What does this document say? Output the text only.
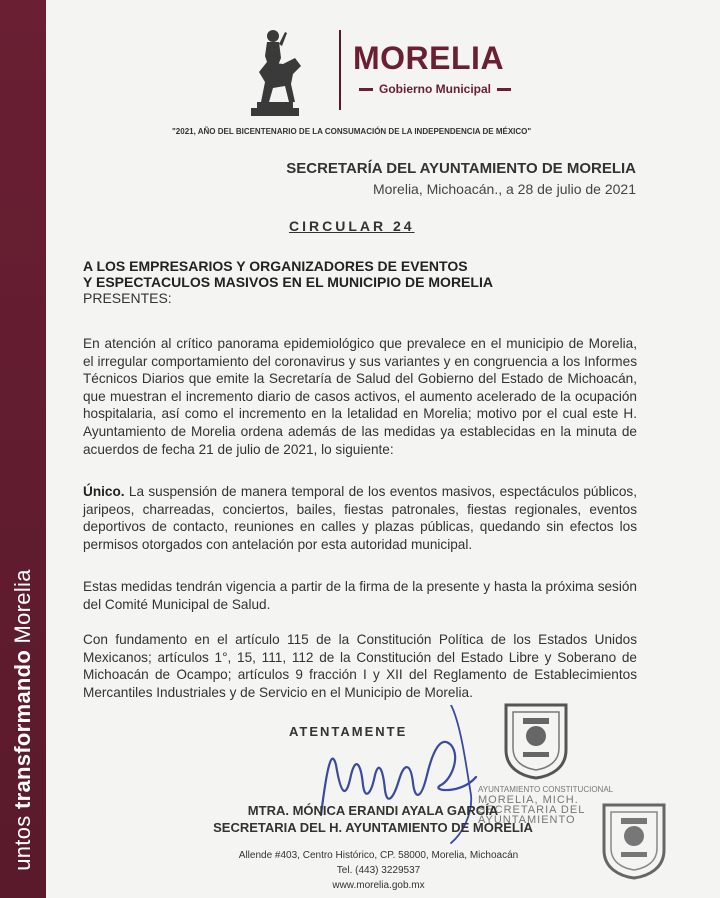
untos transformando Morelia
MORELIA
Gobierno Municipal
"2021, AÑO DEL BICENTENARIO DE LA CONSUMACIÓN DE LA INDEPENDENCIA DE MÉXICO"
SECRETARÍA DEL AYUNTAMIENTO DE MORELIA
Morelia, Michoacán., a 28 de julio de 2021
CIRCULAR 24
A LOS EMPRESARIOS Y ORGANIZADORES DE EVENTOS
Y ESPECTACULOS MASIVOS EN EL MUNICIPIO DE MORELIA
PRESENTES:
En atención al crítico panorama epidemiológico que prevalece en el municipio de Morelia, el irregular comportamiento del coronavirus y sus variantes y en congruencia a los Informes Técnicos Diarios que emite la Secretaría de Salud del Gobierno del Estado de Michoacán, que muestran el incremento diario de casos activos, el aumento acelerado de la ocupación hospitalaria, así como el incremento en la letalidad en Morelia; motivo por el cual este H. Ayuntamiento de Morelia ordena además de las medidas ya establecidas en la minuta de acuerdos de fecha 21 de julio de 2021, lo siguiente:
Único. La suspensión de manera temporal de los eventos masivos, espectáculos públicos, jaripeos, charreadas, conciertos, bailes, fiestas patronales, fiestas regionales, eventos deportivos de contacto, reuniones en calles y plazas públicas, quedando sin efectos los permisos otorgados con antelación por esta autoridad municipal.
Estas medidas tendrán vigencia a partir de la firma de la presente y hasta la próxima sesión del Comité Municipal de Salud.
Con fundamento en el artículo 115 de la Constitución Política de los Estados Unidos Mexicanos; artículos 1°, 15, 111, 112 de la Constitución del Estado Libre y Soberano de Michoacán de Ocampo; artículos 9 fracción I y XII del Reglamento de Establecimientos Mercantiles Industriales y de Servicio en el Municipio de Morelia.
ATENTAMENTE
AYUNTAMIENTO CONSTITUCIONAL
MORELIA, MICH.
SECRETARIA DEL
AYUNTAMIENTO
MTRA. MÓNICA ERANDI AYALA GARCÍA
SECRETARIA DEL H. AYUNTAMIENTO DE MORELIA
Allende #403, Centro Histórico, CP. 58000, Morelia, Michoacán
Tel. (443) 3229537
www.morelia.gob.mx
